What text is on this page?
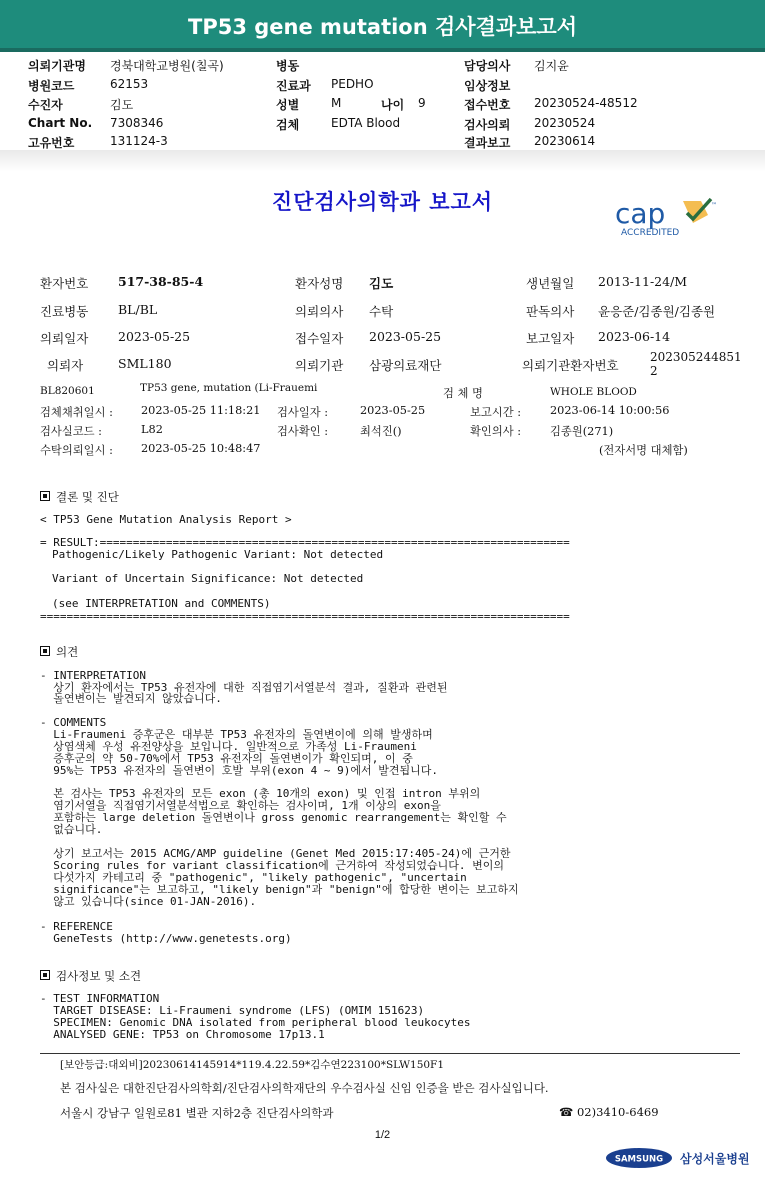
TP53 gene mutation 검사결과보고서
의뢰기관명 경북대학교병원(칠곡)	병동	담당의사 김지윤
병원코드	62153	진료과 PEDHO	임상정보
수진자	김도	성별	M	나이 9	접수번호 20230524-48512
Chart No. 7308346	검체	EDTA Blood	검사의뢰 20230524
고유번호	131124-3	결과보고 20230614
진단검사의학과 보고서	cap	™
ACCREDITED
환자번호 517-38-85-4	환자성명 김도	생년월일 2013-11-24/M
진료병동 BL/BL	의뢰의사 수탁	판독의사 윤응준/김종원/김종원
의뢰일자 2023-05-25	접수일자 2023-05-25	보고일자 2023-06-14
의뢰자	SML180	의뢰기관 삼광의료재단	의뢰기관환자번호
202305244851
2
BL820601	TP53 gene, mutation (Li-Frauemi	검 체 명	WHOLE BLOOD
검체채취일시 : 2023-05-25 11:18:21 검사일자 :	2023-05-25	보고시간 :	2023-06-14 10:00:56
검사실코드 :	L82	검사확인 :	최석진()	확인의사 :	김종원(271)
수탁의뢰일시 : 2023-05-25 10:48:47	(전자서명 대체함)
결론 및 진단
< TP53 Gene Mutation Analysis Report >
= RESULT:=======================================================================
Pathogenic/Likely Pathogenic Variant: Not detected
Variant of Uncertain Significance: Not detected
(see INTERPRETATION and COMMENTS)
================================================================================
의견
- INTERPRETATION
상기 환자에서는 TP53 유전자에 대한 직접염기서열분석 결과, 질환과 관련된
돌연변이는 발견되지 않았습니다.
- COMMENTS
Li-Fraumeni 증후군은 대부분 TP53 유전자의 돌연변이에 의해 발생하며
상염색체 우성 유전양상을 보입니다. 일반적으로 가족성 Li-Fraumeni
증후군의 약 50-70%에서 TP53 유전자의 돌연변이가 확인되며, 이 중
95%는 TP53 유전자의 돌연변이 호발 부위(exon 4 ~ 9)에서 발견됩니다.
본 검사는 TP53 유전자의 모든 exon (총 10개의 exon) 및 인접 intron 부위의
염기서열을 직접염기서열분석법으로 확인하는 검사이며, 1개 이상의 exon을
포함하는 large deletion 돌연변이나 gross genomic rearrangement는 확인할 수
없습니다.
상기 보고서는 2015 ACMG/AMP guideline (Genet Med 2015:17:405-24)에 근거한
Scoring rules for variant classification에 근거하여 작성되었습니다. 변이의
다섯가지 카테고리 중 "pathogenic", "likely pathogenic", "uncertain
significance"는 보고하고, "likely benign"과 "benign"에 합당한 변이는 보고하지
않고 있습니다(since 01-JAN-2016).
- REFERENCE
GeneTests (http://www.genetests.org)
검사정보 및 소견
- TEST INFORMATION
TARGET DISEASE: Li-Fraumeni syndrome (LFS) (OMIM 151623)
SPECIMEN: Genomic DNA isolated from peripheral blood leukocytes
ANALYSED GENE: TP53 on Chromosome 17p13.1
[보안등급:대외비]20230614145914*119.4.22.59*김수연223100*SLW150F1
본 검사실은 대한진단검사의학회/진단검사의학재단의 우수검사실 신임 인증을 받은 검사실입니다.
서울시 강남구 일원로81 별관 지하2층 진단검사의학과	☎ 02)3410-6469
1/2
SAMSUNG 삼성서울병원
